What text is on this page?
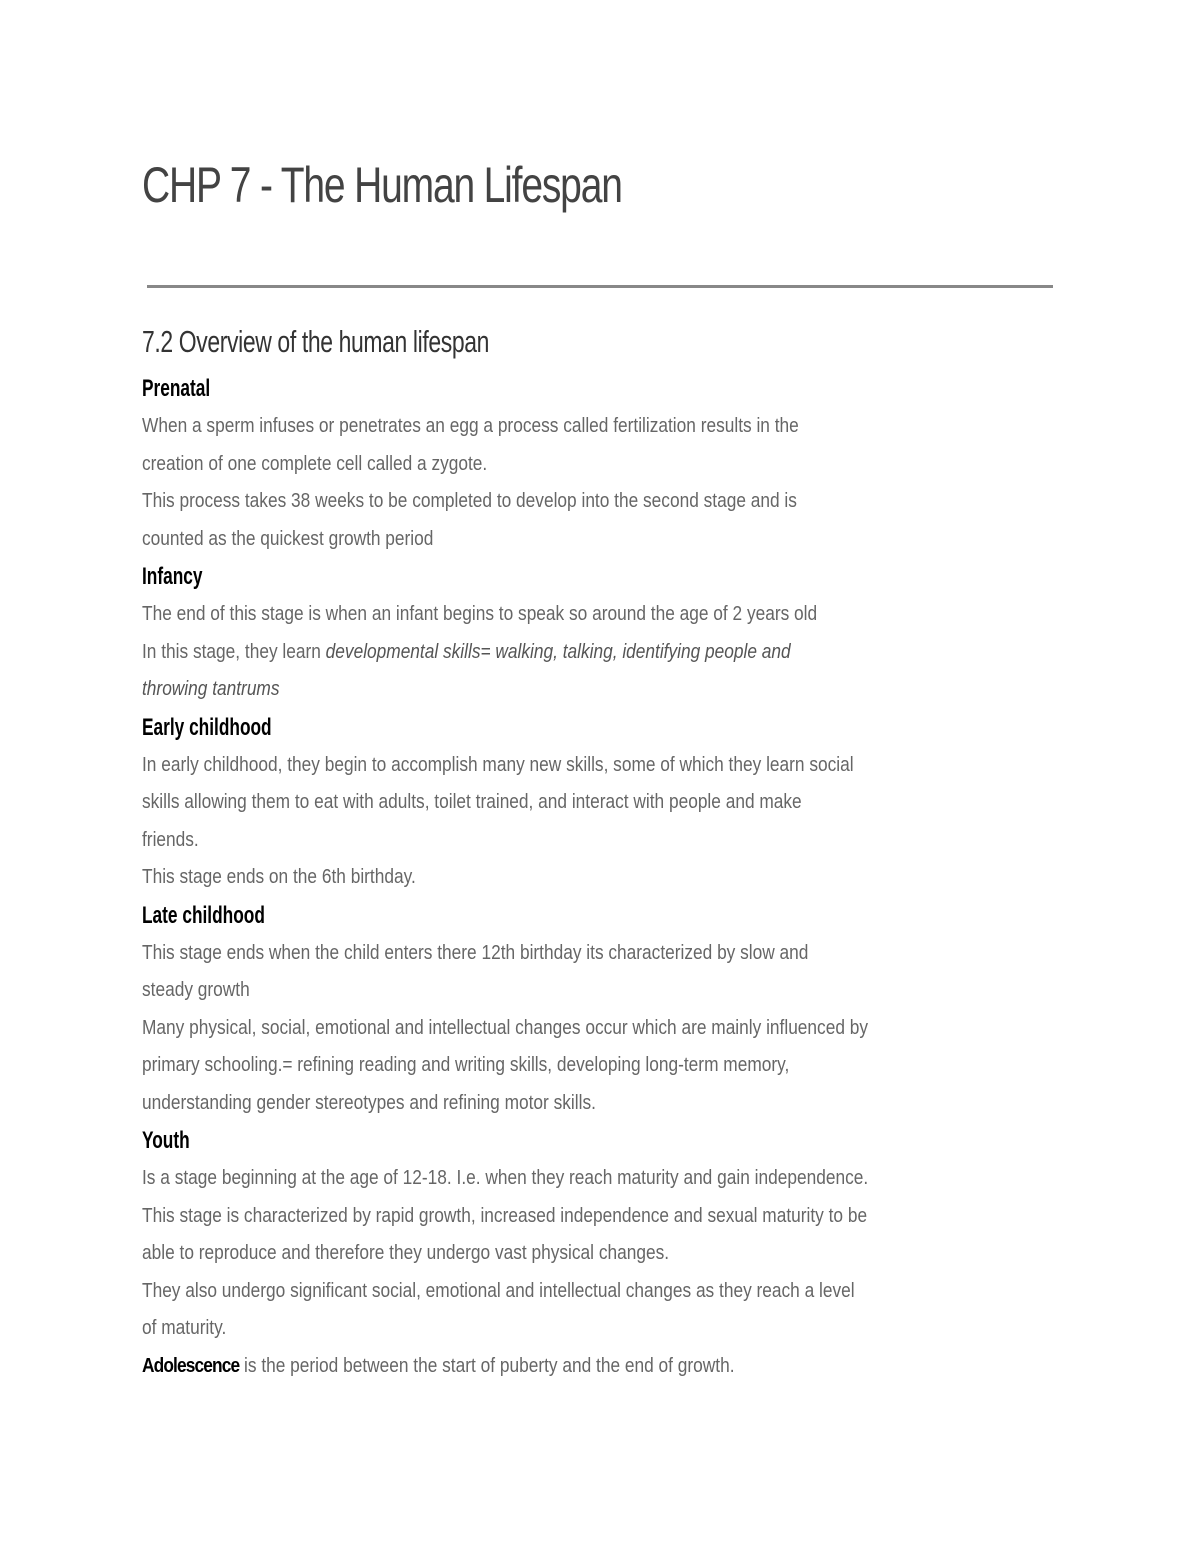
CHP 7 - The Human Lifespan
7.2 Overview of the human lifespan
Prenatal

When a sperm infuses or penetrates an egg a process called fertilization results in the

creation of one complete cell called a zygote.

This process takes 38 weeks to be completed to develop into the second stage and is

counted as the quickest growth period

Infancy

The end of this stage is when an infant begins to speak so around the age of 2 years old

In this stage, they learn developmental skills= walking, talking, identifying people and

throwing tantrums

Early childhood

In early childhood, they begin to accomplish many new skills, some of which they learn social

skills allowing them to eat with adults, toilet trained, and interact with people and make

friends.

This stage ends on the 6th birthday.

Late childhood

This stage ends when the child enters there 12th birthday its characterized by slow and

steady growth

Many physical, social, emotional and intellectual changes occur which are mainly influenced by

primary schooling.= refining reading and writing skills, developing long-term memory,

understanding gender stereotypes and refining motor skills.

Youth

Is a stage beginning at the age of 12-18. I.e. when they reach maturity and gain independence.

This stage is characterized by rapid growth, increased independence and sexual maturity to be

able to reproduce and therefore they undergo vast physical changes.

They also undergo significant social, emotional and intellectual changes as they reach a level

of maturity.

Adolescence is the period between the start of puberty and the end of growth.
